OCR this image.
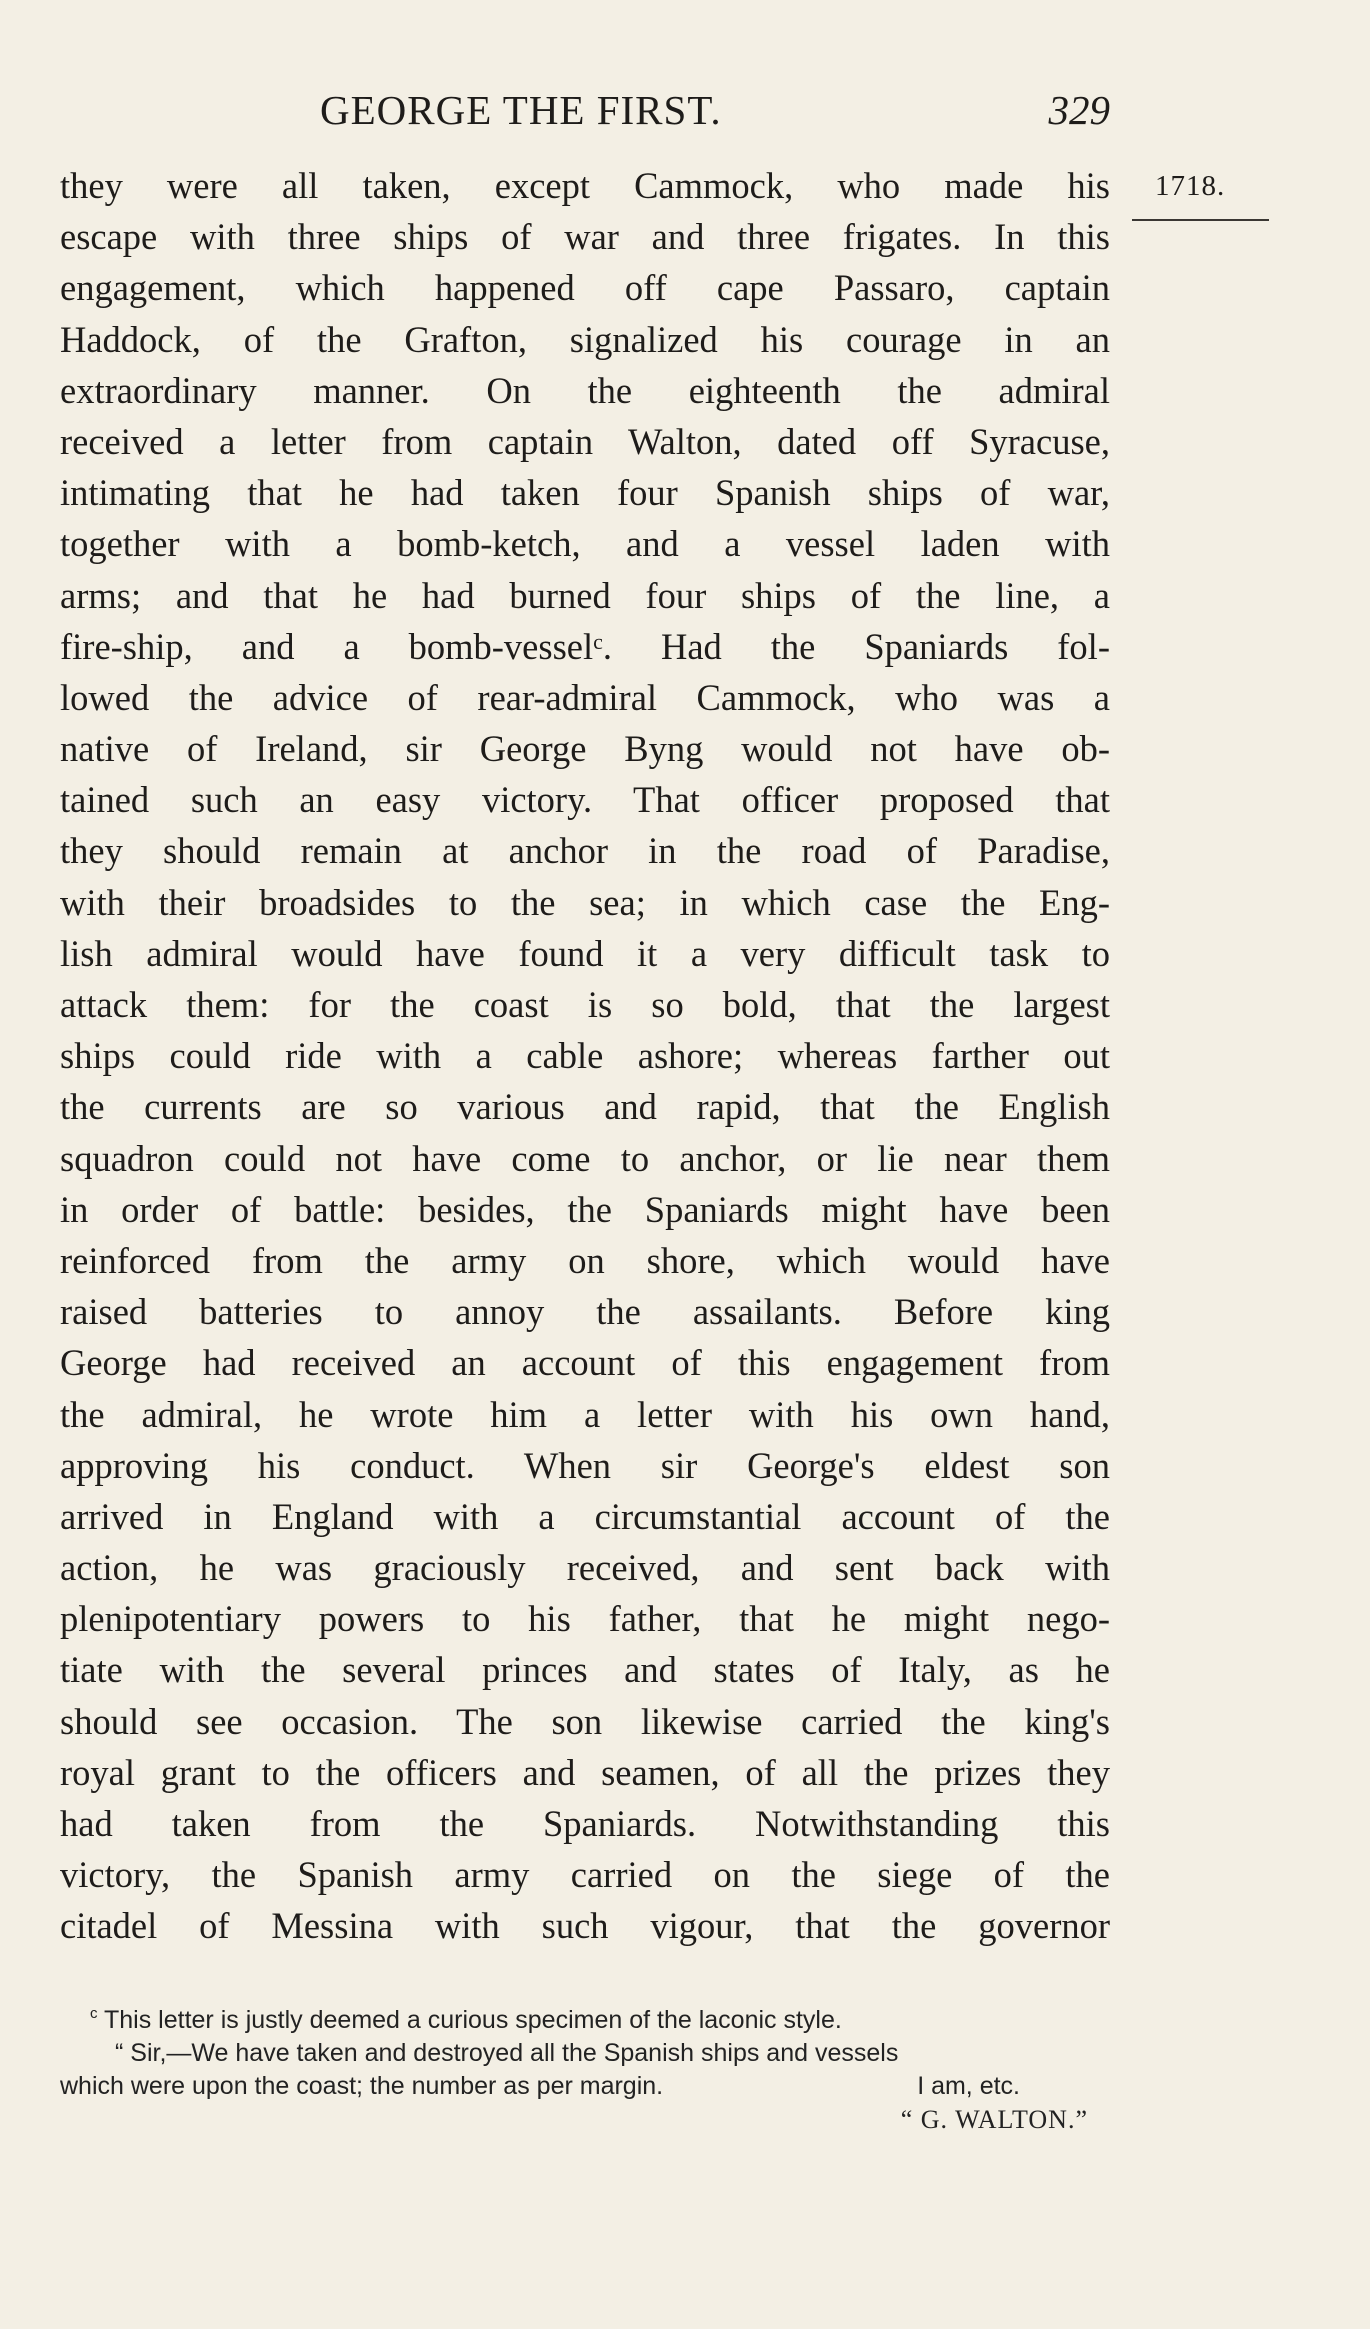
GEORGE THE FIRST.	329
1718.
they were all taken, except Cammock, who made his
escape with three ships of war and three frigates. In this
engagement, which happened off cape Passaro, captain
Haddock, of the Grafton, signalized his courage in an
extraordinary manner. On the eighteenth the admiral
received a letter from captain Walton, dated off Syracuse,
intimating that he had taken four Spanish ships of war,
together with a bomb-ketch, and a vessel laden with
arms; and that he had burned four ships of the line, a
fire-ship, and a bomb-vessel$^c$. Had the Spaniards fol-
lowed the advice of rear-admiral Cammock, who was a
native of Ireland, sir George Byng would not have ob-
tained such an easy victory. That officer proposed that
they should remain at anchor in the road of Paradise,
with their broadsides to the sea; in which case the Eng-
lish admiral would have found it a very difficult task to
attack them: for the coast is so bold, that the largest
ships could ride with a cable ashore; whereas farther out
the currents are so various and rapid, that the English
squadron could not have come to anchor, or lie near them
in order of battle: besides, the Spaniards might have been
reinforced from the army on shore, which would have
raised batteries to annoy the assailants. Before king
George had received an account of this engagement from
the admiral, he wrote him a letter with his own hand,
approving his conduct. When sir George's eldest son
arrived in England with a circumstantial account of the
action, he was graciously received, and sent back with
plenipotentiary powers to his father, that he might nego-
tiate with the several princes and states of Italy, as he
should see occasion. The son likewise carried the king's
royal grant to the officers and seamen, of all the prizes they
had taken from the Spaniards. Notwithstanding this
victory, the Spanish army carried on the siege of the
citadel of Messina with such vigour, that the governor
$^c$ This letter is justly deemed a curious specimen of the laconic style.
“ Sir,—We have taken and destroyed all the Spanish ships and vessels
which were upon the coast; the number as per margin.	I am, etc.
“ G. WALTON.”
